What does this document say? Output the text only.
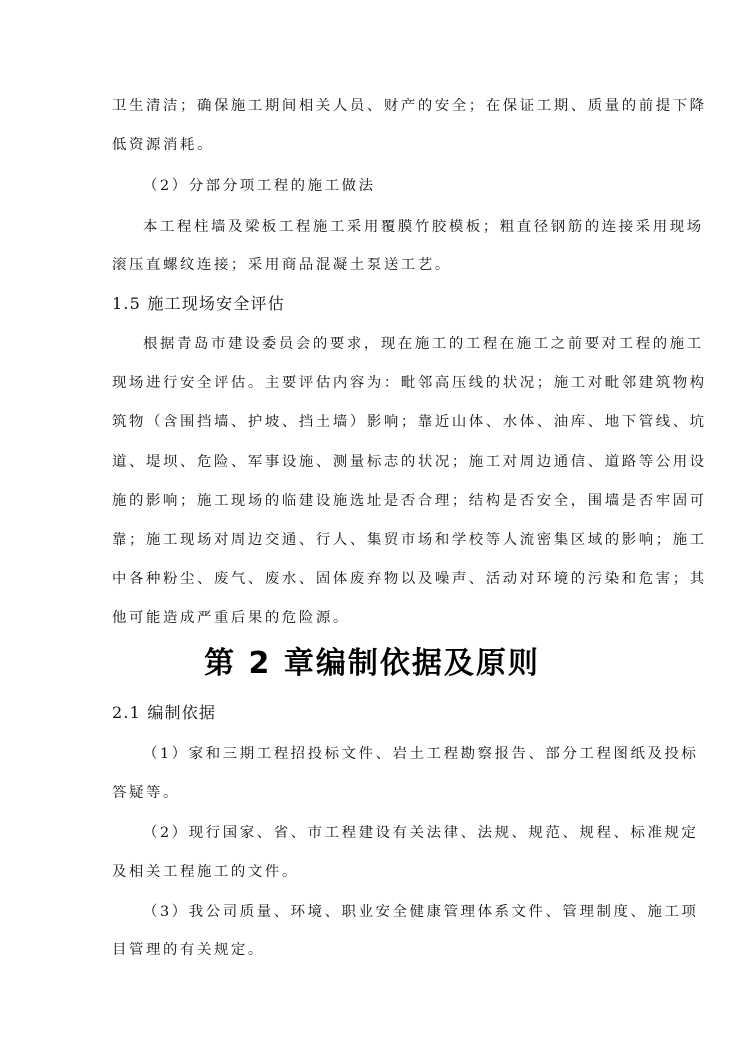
卫生清洁；确保施工期间相关人员、财产的安全；在保证工期、质量的前提下降
低资源消耗。
（2）分部分项工程的施工做法
本工程柱墙及梁板工程施工采用覆膜竹胶模板；粗直径钢筋的连接采用现场
滚压直螺纹连接；采用商品混凝土泵送工艺。
1.5 施工现场安全评估
根据青岛市建设委员会的要求，现在施工的工程在施工之前要对工程的施工
现场进行安全评估。主要评估内容为：毗邻高压线的状况；施工对毗邻建筑物构
筑物（含围挡墙、护坡、挡土墙）影响；靠近山体、水体、油库、地下管线、坑
道、堤坝、危险、军事设施、测量标志的状况；施工对周边通信、道路等公用设
施的影响；施工现场的临建设施选址是否合理；结构是否安全，围墙是否牢固可
靠；施工现场对周边交通、行人、集贸市场和学校等人流密集区域的影响；施工
中各种粉尘、废气、废水、固体废弃物以及噪声、活动对环境的污染和危害；其
他可能造成严重后果的危险源。
第 2 章编制依据及原则
2.1 编制依据
（1）家和三期工程招投标文件、岩土工程勘察报告、部分工程图纸及投标
答疑等。
（2）现行国家、省、市工程建设有关法律、法规、规范、规程、标准规定
及相关工程施工的文件。
（3）我公司质量、环境、职业安全健康管理体系文件、管理制度、施工项
目管理的有关规定。
